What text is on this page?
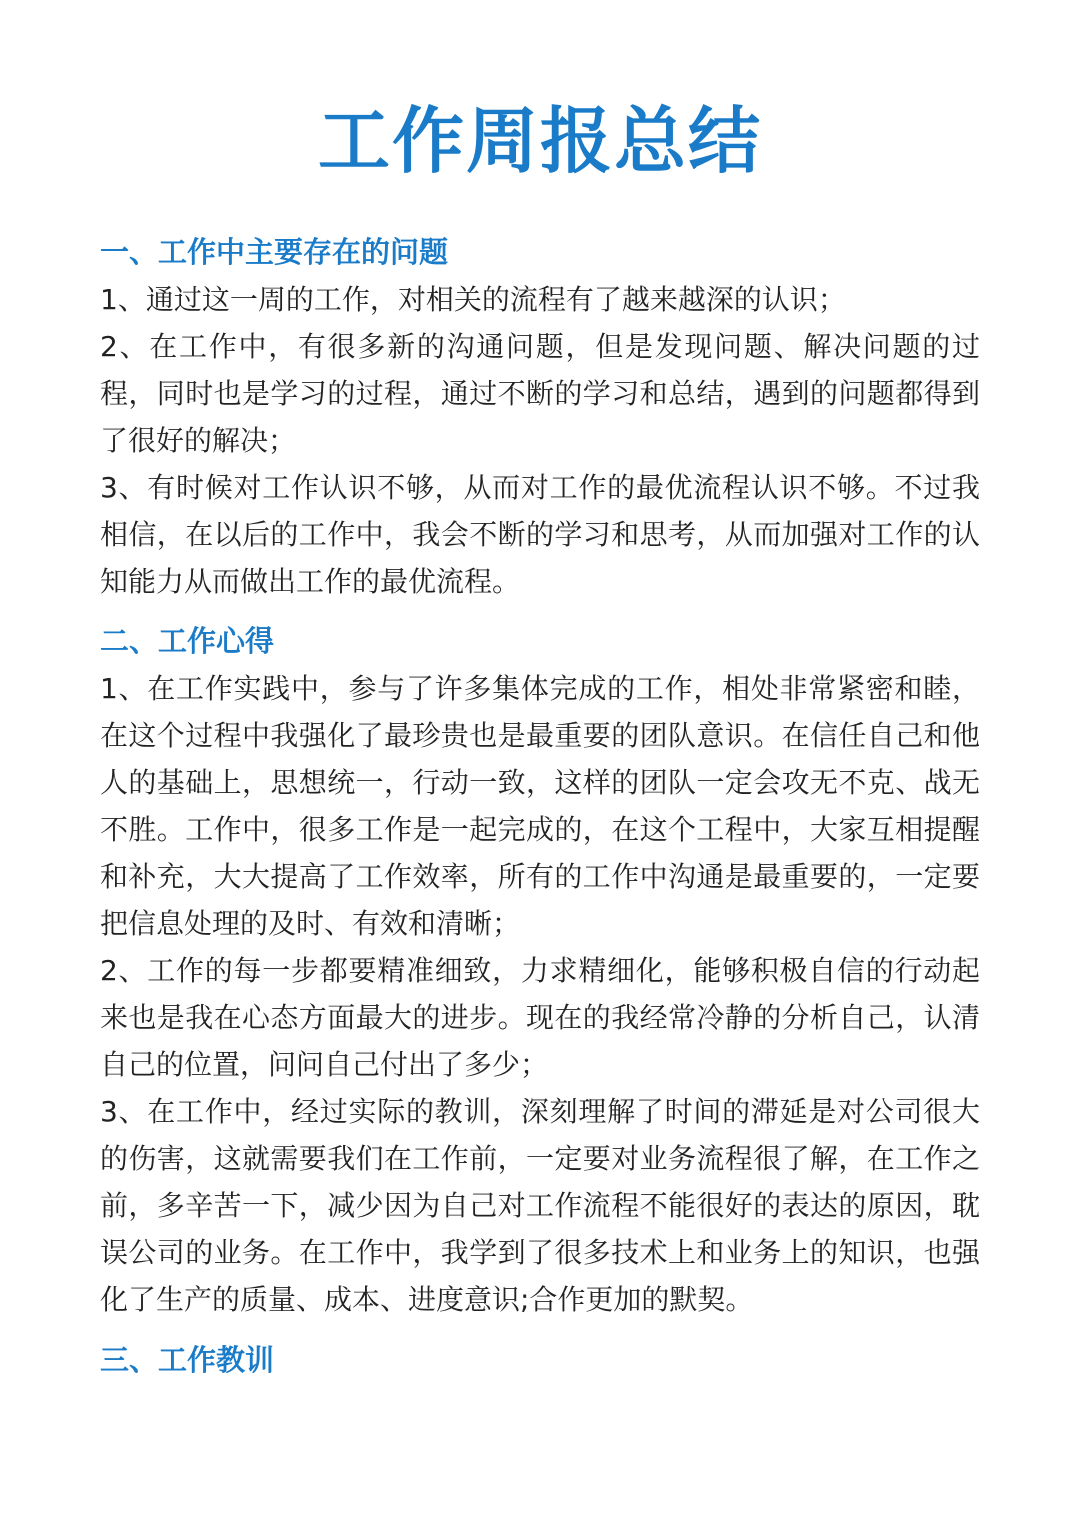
工作周报总结
一、工作中主要存在的问题

1、通过这一周的工作，对相关的流程有了越来越深的认识；

2、在工作中，有很多新的沟通问题，但是发现问题、解决问题的过程，同时也是学习的过程，通过不断的学习和总结，遇到的问题都得到了很好的解决；

3、有时候对工作认识不够，从而对工作的最优流程认识不够。不过我相信，在以后的工作中，我会不断的学习和思考，从而加强对工作的认知能力从而做出工作的最优流程。

二、工作心得

1、在工作实践中，参与了许多集体完成的工作，相处非常紧密和睦，在这个过程中我强化了最珍贵也是最重要的团队意识。在信任自己和他人的基础上，思想统一，行动一致，这样的团队一定会攻无不克、战无不胜。工作中，很多工作是一起完成的，在这个工程中，大家互相提醒和补充，大大提高了工作效率，所有的工作中沟通是最重要的，一定要把信息处理的及时、有效和清晰；

2、工作的每一步都要精准细致，力求精细化，能够积极自信的行动起来也是我在心态方面最大的进步。现在的我经常冷静的分析自己，认清自己的位置，问问自己付出了多少；

3、在工作中，经过实际的教训，深刻理解了时间的滞延是对公司很大的伤害，这就需要我们在工作前，一定要对业务流程很了解，在工作之前，多辛苦一下，减少因为自己对工作流程不能很好的表达的原因，耽误公司的业务。在工作中，我学到了很多技术上和业务上的知识，也强化了生产的质量、成本、进度意识;合作更加的默契。

三、工作教训
